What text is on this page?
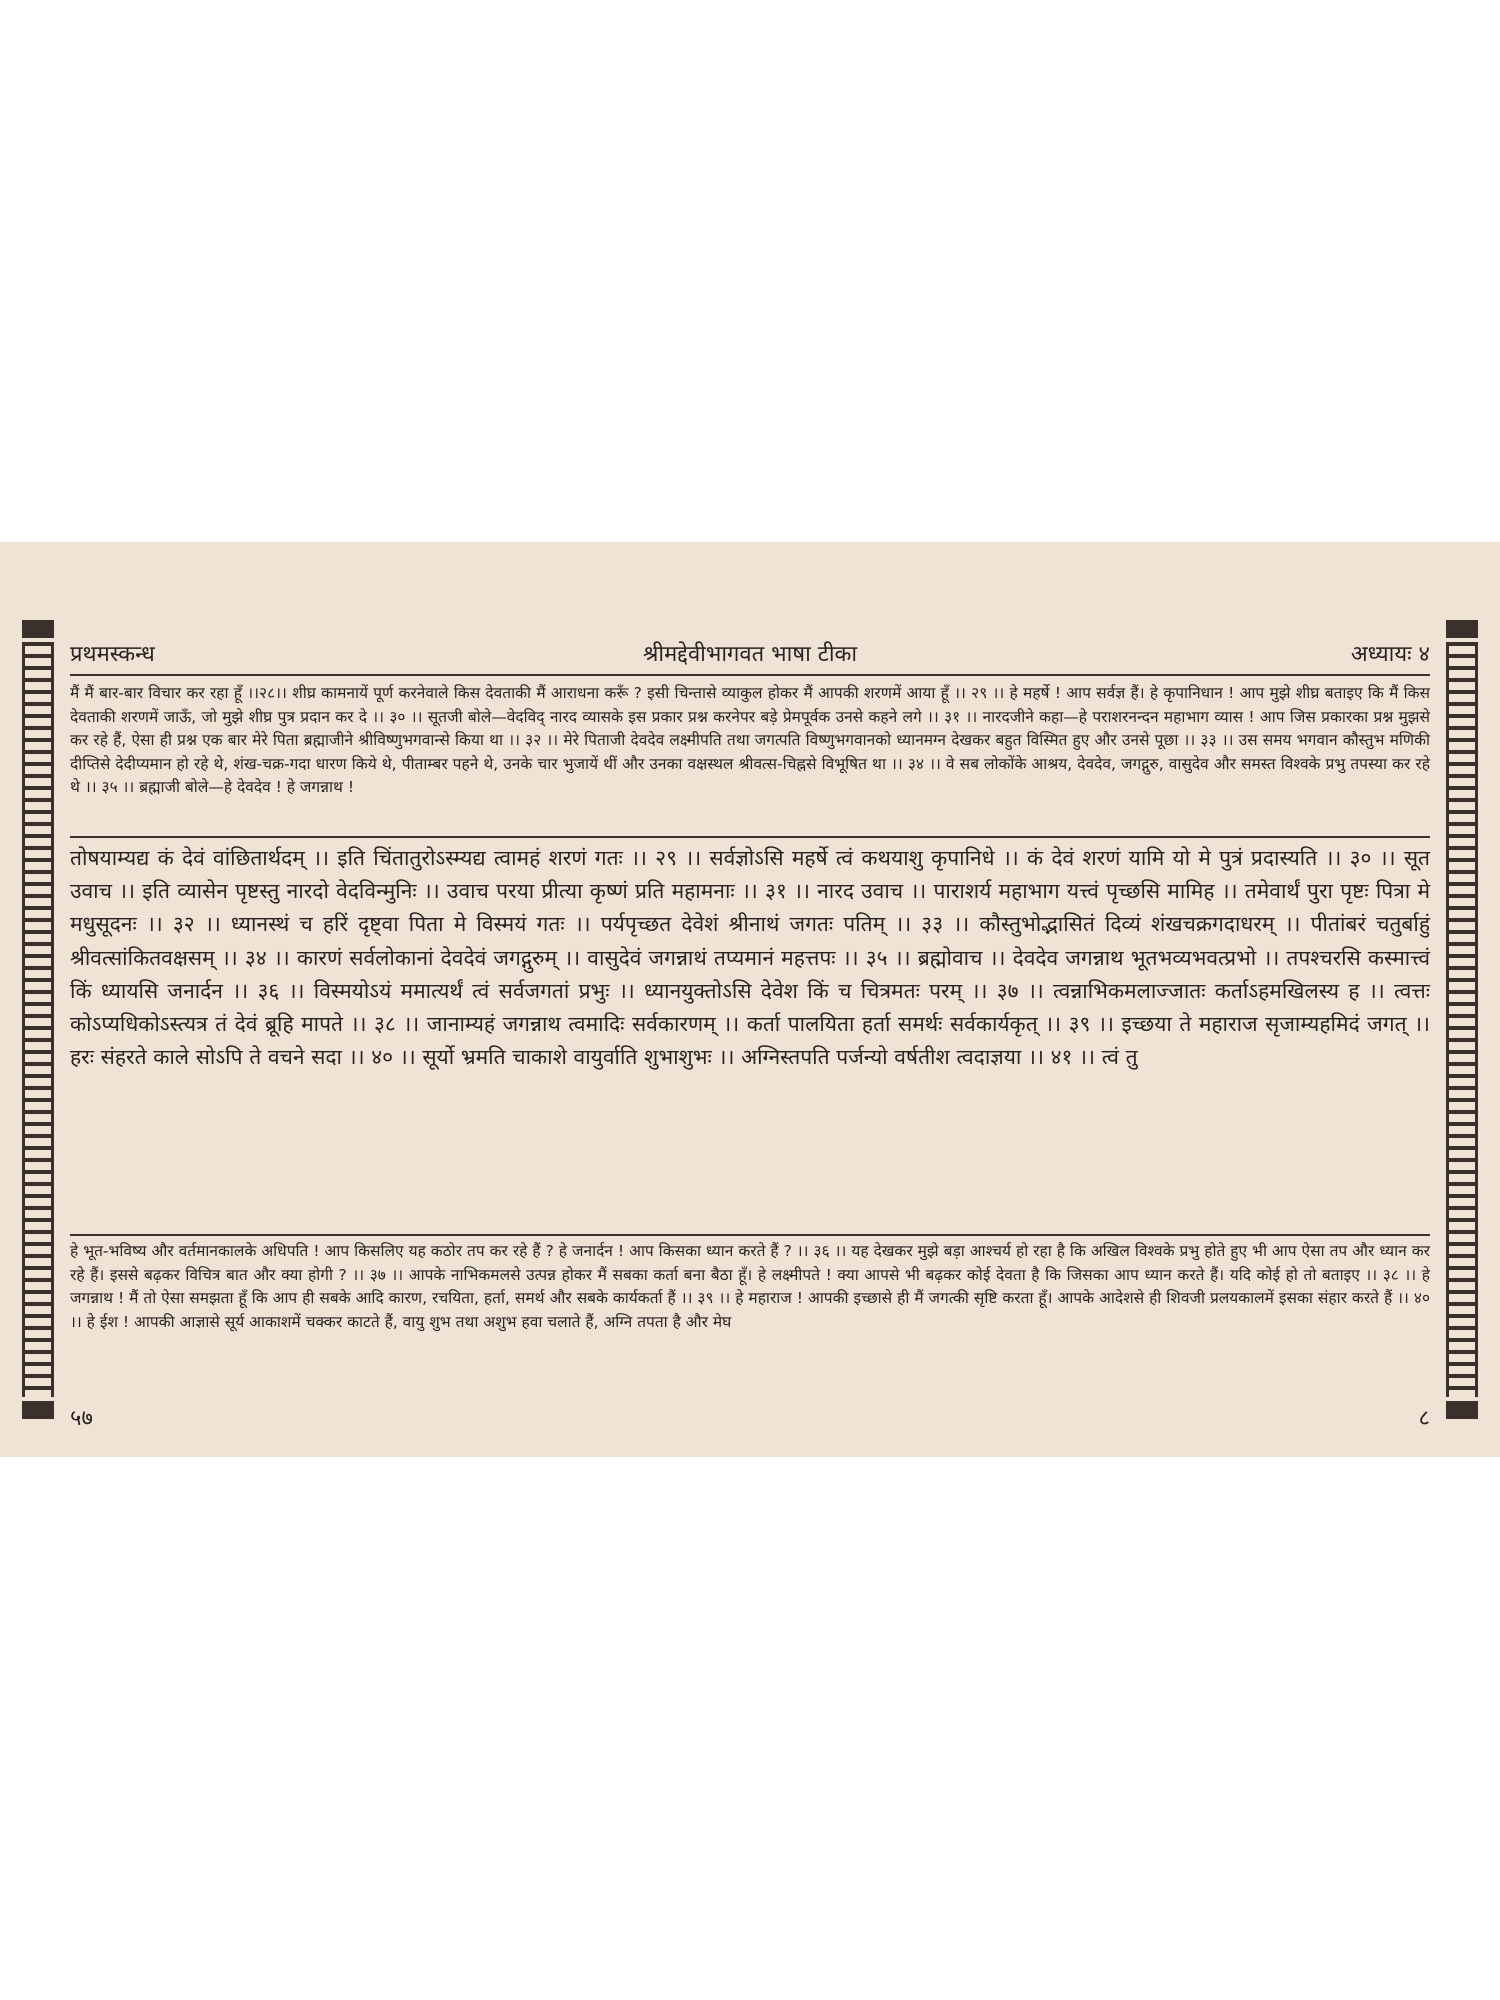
प्रथमस्कन्ध	श्रीमद्देवीभागवत भाषा टीका	अध्यायः ४
मैं मैं बार-बार विचार कर रहा हूँ ।।२८।। शीघ्र कामनायें पूर्ण करनेवाले किस देवताकी मैं आराधना करूँ ? इसी चिन्तासे व्याकुल होकर मैं आपकी शरणमें आया हूँ ।। २९ ।। हे महर्षे ! आप सर्वज्ञ हैं। हे कृपानिधान ! आप मुझे शीघ्र बताइए कि मैं किस देवताकी शरणमें जाऊँ, जो मुझे शीघ्र पुत्र प्रदान कर दे ।। ३० ।। सूतजी बोले—वेदविद् नारद व्यासके इस प्रकार प्रश्न करनेपर बड़े प्रेमपूर्वक उनसे कहने लगे ।। ३१ ।। नारदजीने कहा—हे पराशरनन्दन महाभाग व्यास ! आप जिस प्रकारका प्रश्न मुझसे कर रहे हैं, ऐसा ही प्रश्न एक बार मेरे पिता ब्रह्माजीने श्रीविष्णुभगवान्से किया था ।। ३२ ।। मेरे पिताजी देवदेव लक्ष्मीपति तथा जगत्पति विष्णुभगवानको ध्यानमग्न देखकर बहुत विस्मित हुए और उनसे पूछा ।। ३३ ।। उस समय भगवान कौस्तुभ मणिकी दीप्तिसे देदीप्यमान हो रहे थे, शंख-चक्र-गदा धारण किये थे, पीताम्बर पहने थे, उनके चार भुजायें थीं और उनका वक्षस्थल श्रीवत्स-चिह्नसे विभूषित था ।। ३४ ।। वे सब लोकोंके आश्रय, देवदेव, जगद्गुरु, वासुदेव और समस्त विश्वके प्रभु तपस्या कर रहे थे ।। ३५ ।। ब्रह्माजी बोले—हे देवदेव ! हे जगन्नाथ !
तोषयाम्यद्य कं देवं वांछितार्थदम् ।। इति चिंतातुरोऽस्म्यद्य त्वामहं शरणं गतः ।। २९ ।। सर्वज्ञोऽसि महर्षे त्वं कथयाशु कृपानिधे ।। कं देवं शरणं यामि यो मे पुत्रं प्रदास्यति ।। ३० ।। सूत उवाच ।। इति व्यासेन पृष्टस्तु नारदो वेदविन्मुनिः ।। उवाच परया प्रीत्या कृष्णं प्रति महामनाः ।। ३१ ।। नारद उवाच ।। पाराशर्य महाभाग यत्त्वं पृच्छसि मामिह ।। तमेवार्थं पुरा पृष्टः पित्रा मे मधुसूदनः ।। ३२ ।। ध्यानस्थं च हरिं दृष्ट्वा पिता मे विस्मयं गतः ।। पर्यपृच्छत देवेशं श्रीनाथं जगतः पतिम् ।। ३३ ।। कौस्तुभोद्भासितं दिव्यं शंखचक्रगदाधरम् ।। पीतांबरं चतुर्बाहुं श्रीवत्सांकितवक्षसम् ।। ३४ ।। कारणं सर्वलोकानां देवदेवं जगद्गुरुम् ।। वासुदेवं जगन्नाथं तप्यमानं महत्तपः ।। ३५ ।। ब्रह्मोवाच ।। देवदेव जगन्नाथ भूतभव्यभवत्प्रभो ।। तपश्चरसि कस्मात्त्वं किं ध्यायसि जनार्दन ।। ३६ ।। विस्मयोऽयं ममात्यर्थं त्वं सर्वजगतां प्रभुः ।। ध्यानयुक्तोऽसि देवेश किं च चित्रमतः परम् ।। ३७ ।। त्वन्नाभिकमलाज्जातः कर्ताऽहमखिलस्य ह ।। त्वत्तः कोऽप्यधिकोऽस्त्यत्र तं देवं ब्रूहि मापते ।। ३८ ।। जानाम्यहं जगन्नाथ त्वमादिः सर्वकारणम् ।। कर्ता पालयिता हर्ता समर्थः सर्वकार्यकृत् ।। ३९ ।। इच्छया ते महाराज सृजाम्यहमिदं जगत् ।। हरः संहरते काले सोऽपि ते वचने सदा ।। ४० ।। सूर्यो भ्रमति चाकाशे वायुर्वाति शुभाशुभः ।। अग्निस्तपति पर्जन्यो वर्षतीश त्वदाज्ञया ।। ४१ ।। त्वं तु
हे भूत-भविष्य और वर्तमानकालके अधिपति ! आप किसलिए यह कठोर तप कर रहे हैं ? हे जनार्दन ! आप किसका ध्यान करते हैं ? ।। ३६ ।। यह देखकर मुझे बड़ा आश्चर्य हो रहा है कि अखिल विश्वके प्रभु होते हुए भी आप ऐसा तप और ध्यान कर रहे हैं। इससे बढ़कर विचित्र बात और क्या होगी ? ।। ३७ ।। आपके नाभिकमलसे उत्पन्न होकर मैं सबका कर्ता बना बैठा हूँ। हे लक्ष्मीपते ! क्या आपसे भी बढ़कर कोई देवता है कि जिसका आप ध्यान करते हैं। यदि कोई हो तो बताइए ।। ३८ ।। हे जगन्नाथ ! मैं तो ऐसा समझता हूँ कि आप ही सबके आदि कारण, रचयिता, हर्ता, समर्थ और सबके कार्यकर्ता हैं ।। ३९ ।। हे महाराज ! आपकी इच्छासे ही मैं जगत्की सृष्टि करता हूँ। आपके आदेशसे ही शिवजी प्रलयकालमें इसका संहार करते हैं ।। ४० ।। हे ईश ! आपकी आज्ञासे सूर्य आकाशमें चक्कर काटते हैं, वायु शुभ तथा अशुभ हवा चलाते हैं, अग्नि तपता है और मेघ
५७	८
